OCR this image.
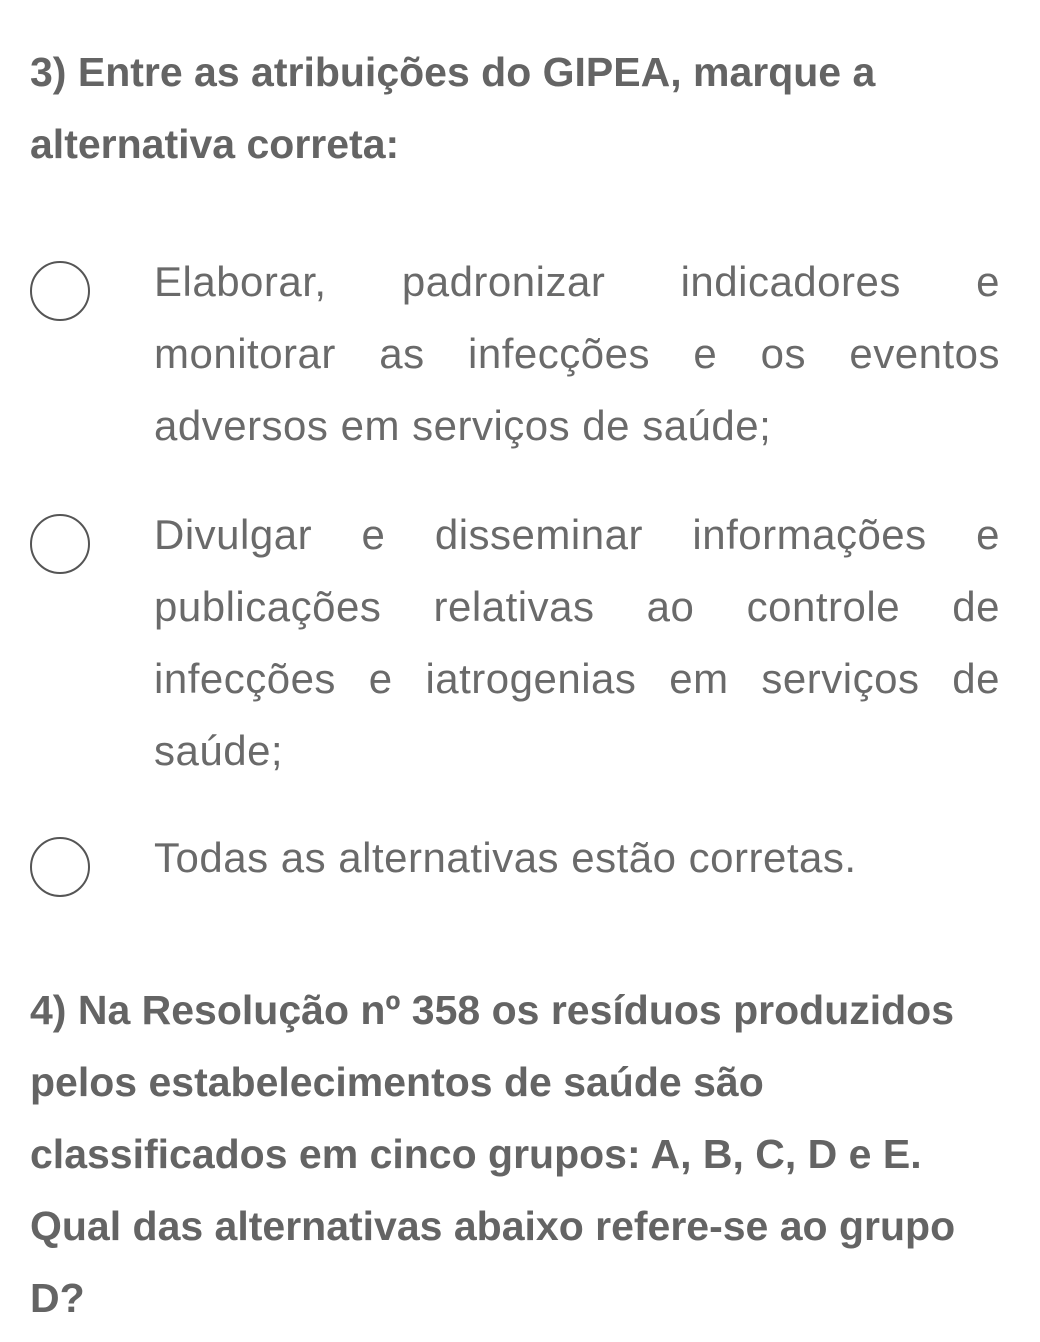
3) Entre as atribuições do GIPEA, marque a alternativa correta:
Elaborar, padronizar indicadores e monitorar as infecções e os eventos adversos em serviços de saúde;
Divulgar e disseminar informações e publicações relativas ao controle de infecções e iatrogenias em serviços de saúde;
Todas as alternativas estão corretas.
4) Na Resolução nº 358 os resíduos produzidos pelos estabelecimentos de saúde são classificados em cinco grupos: A, B, C, D e E. Qual das alternativas abaixo refere-se ao grupo D?
